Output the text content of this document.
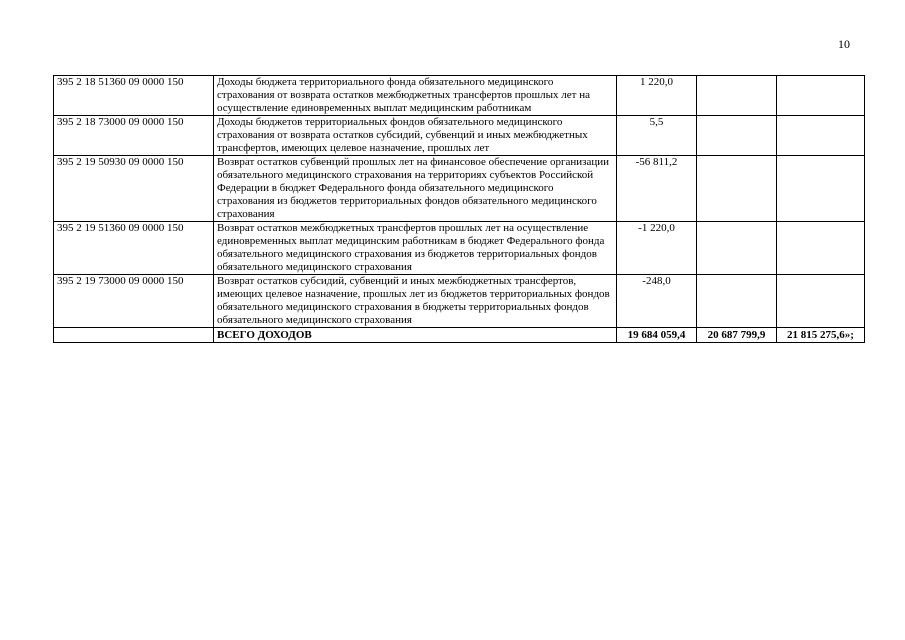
10
395 2 18 51360 09 0000 150	Доходы бюджета территориального фонда обязательного медицинского страхования от возврата остатков межбюджетных трансфертов прошлых лет на осуществление единовременных выплат медицинским работникам	1 220,0		
395 2 18 73000 09 0000 150	Доходы бюджетов территориальных фондов обязательного медицинского страхования от возврата остатков субсидий, субвенций и иных межбюджетных трансфертов, имеющих целевое назначение, прошлых лет	5,5		
395 2 19 50930 09 0000 150	Возврат остатков субвенций прошлых лет на финансовое обеспечение организации обязательного медицинского страхования на территориях субъектов Российской Федерации в бюджет Федерального фонда обязательного медицинского страхования из бюджетов территориальных фондов обязательного медицинского страхования	-56 811,2		
395 2 19 51360 09 0000 150	Возврат остатков межбюджетных трансфертов прошлых лет на осуществление единовременных выплат медицинским работникам в бюджет Федерального фонда обязательного медицинского страхования из бюджетов территориальных фондов обязательного медицинского страхования	-1 220,0		
395 2 19 73000 09 0000 150	Возврат остатков субсидий, субвенций и иных межбюджетных трансфертов, имеющих целевое назначение, прошлых лет из бюджетов территориальных фондов обязательного медицинского страхования в бюджеты территориальных фондов обязательного медицинского страхования	-248,0		
	ВСЕГО ДОХОДОВ	19 684 059,4	20 687 799,9	21 815 275,6»;
